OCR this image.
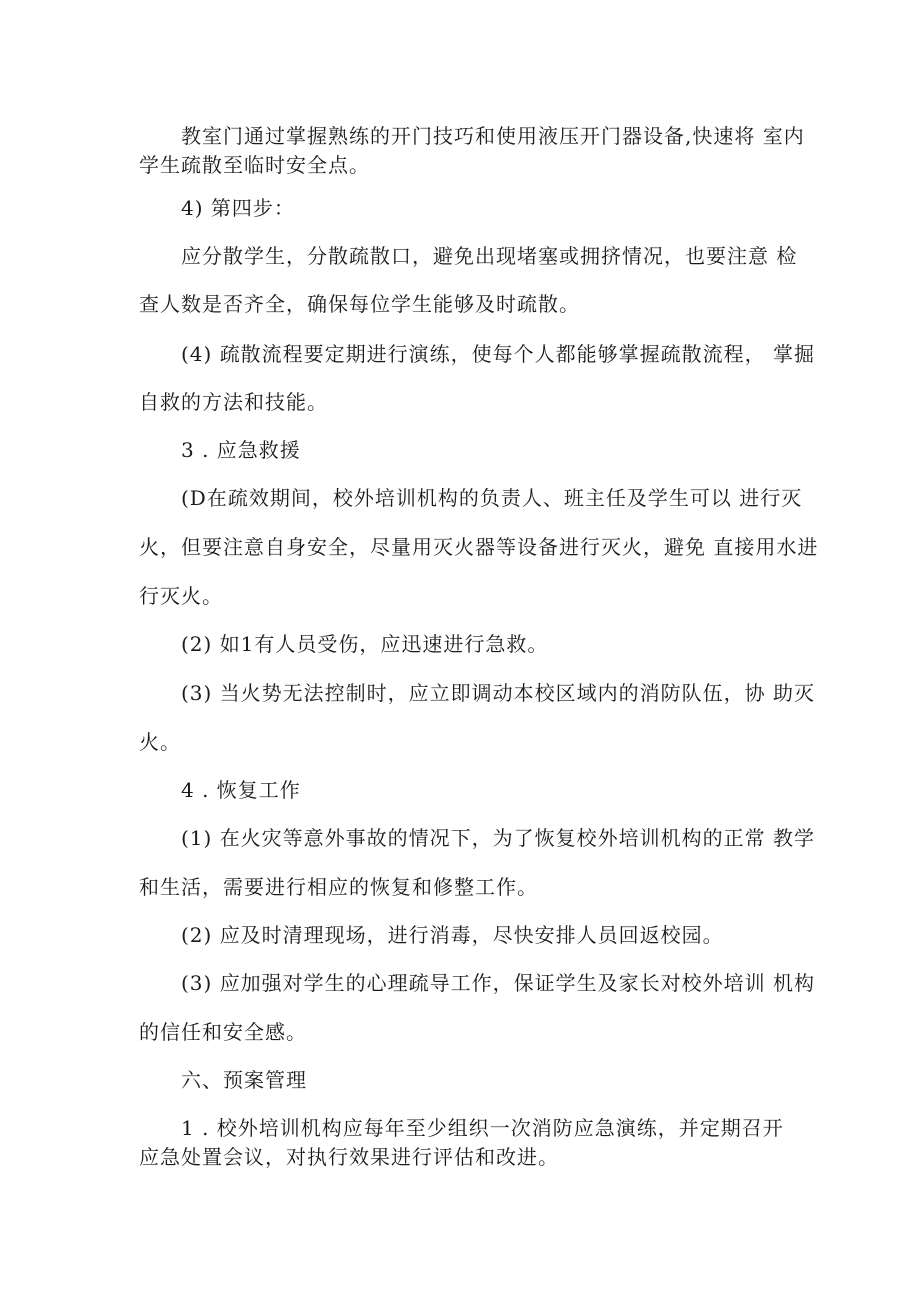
教室门通过掌握熟练的开门技巧和使用液压开门器设备,快速将 室内
学生疏散至临时安全点。
4) 第四步：
应分散学生，分散疏散口，避免出现堵塞或拥挤情况，也要注意 检
查人数是否齐全，确保每位学生能够及时疏散。
(4) 疏散流程要定期进行演练，使每个人都能够掌握疏散流程， 掌掘
自救的方法和技能。
3 . 应急救援
(D在疏效期间，校外培训机构的负责人、班主任及学生可以 进行灭
火，但要注意自身安全，尽量用灭火器等设备进行灭火，避免 直接用水进
行灭火。
(2) 如1有人员受伤，应迅速进行急救。
(3) 当火势无法控制时，应立即调动本校区域内的消防队伍，协 助灭
火。
4 . 恢复工作
(1) 在火灾等意外事故的情况下，为了恢复校外培训机构的正常 教学
和生活，需要进行相应的恢复和修整工作。
(2) 应及时清理现场，进行消毒，尽快安排人员回返校园。
(3) 应加强对学生的心理疏导工作，保证学生及家长对校外培训 机构
的信任和安全感。
六、预案管理
1 . 校外培训机构应每年至少组织一次消防应急演练，并定期召开
应急处置会议，对执行效果进行评估和改进。
